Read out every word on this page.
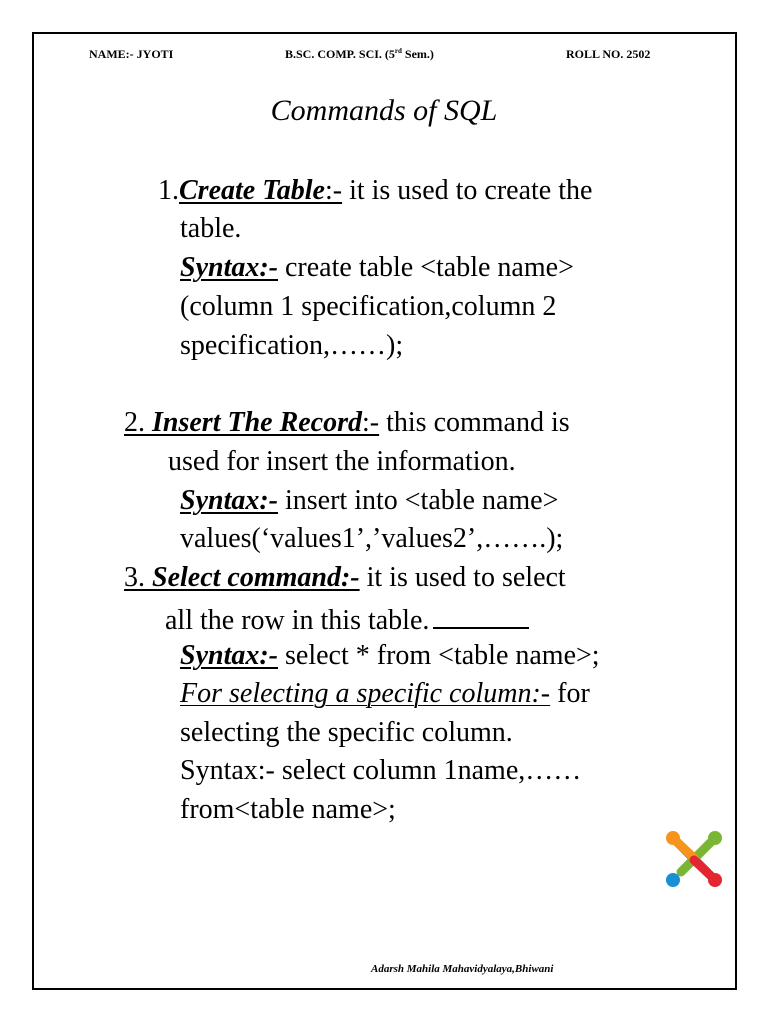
NAME:- JYOTI	B.SC. COMP. SCI. (5rd Sem.)	ROLL NO. 2502
Commands of SQL
1.Create Table:- it is used to create the
table.
Syntax:- create table <table name>
(column 1 specification,column 2
specification,……);
2. Insert The Record:- this command is
used for insert the information.
Syntax:- insert into <table name>
values(‘values1’,’values2’,…….);
3. Select command:- it is used to select
all the row in this table.
Syntax:- select * from <table name>;
For selecting a specific column:- for
selecting the specific column.
Syntax:- select column 1name,……
from<table name>;
Adarsh Mahila Mahavidyalaya,Bhiwani
